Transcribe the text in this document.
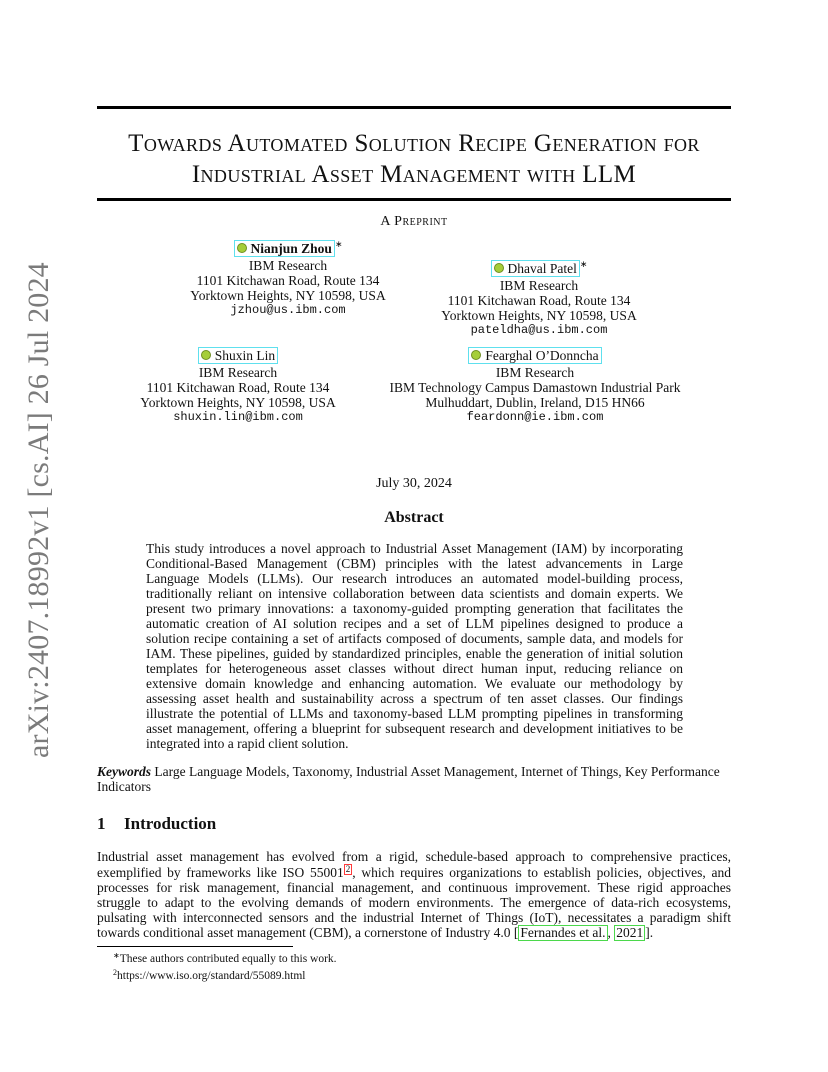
arXiv:2407.18992v1 [cs.AI] 26 Jul 2024
Towards Automated Solution Recipe Generation for
Industrial Asset Management with LLM
A Preprint
Nianjun Zhou ∗
IBM Research
1101 Kitchawan Road, Route 134
Yorktown Heights, NY 10598, USA
jzhou@us.ibm.com
Dhaval Patel ∗
IBM Research
1101 Kitchawan Road, Route 134
Yorktown Heights, NY 10598, USA
pateldha@us.ibm.com
Shuxin Lin
IBM Research
1101 Kitchawan Road, Route 134
Yorktown Heights, NY 10598, USA
shuxin.lin@ibm.com
Fearghal O’Donncha
IBM Research
IBM Technology Campus Damastown Industrial Park
Mulhuddart, Dublin, Ireland, D15 HN66
feardonn@ie.ibm.com
July 30, 2024
Abstract
This study introduces a novel approach to Industrial Asset Management (IAM) by incorporating Conditional-Based Management (CBM) principles with the latest advancements in Large Language Models (LLMs). Our research introduces an automated model-building process, traditionally reliant on intensive collaboration between data scientists and domain experts. We present two primary innovations: a taxonomy-guided prompting generation that facilitates the automatic creation of AI solution recipes and a set of LLM pipelines designed to produce a solution recipe containing a set of artifacts composed of documents, sample data, and models for IAM. These pipelines, guided by standardized principles, enable the generation of initial solution templates for heterogeneous asset classes without direct human input, reducing reliance on extensive domain knowledge and enhancing automation. We evaluate our methodology by assessing asset health and sustainability across a spectrum of ten asset classes. Our findings illustrate the potential of LLMs and taxonomy-based LLM prompting pipelines in transforming asset management, offering a blueprint for subsequent research and development initiatives to be integrated into a rapid client solution.
Keywords Large Language Models, Taxonomy, Industrial Asset Management, Internet of Things, Key Performance Indicators
1 Introduction
Industrial asset management has evolved from a rigid, schedule-based approach to comprehensive practices, exemplified by frameworks like ISO 55001 2 , which requires organizations to establish policies, objectives, and processes for risk management, financial management, and continuous improvement. These rigid approaches struggle to adapt to the evolving demands of modern environments. The emergence of data-rich ecosystems, pulsating with interconnected sensors and the industrial Internet of Things (IoT), necessitates a paradigm shift towards conditional asset management (CBM), a cornerstone of Industry 4.0 [ Fernandes et al. , 2021 ].
∗These authors contributed equally to this work.
$^2$https://www.iso.org/standard/55089.html
